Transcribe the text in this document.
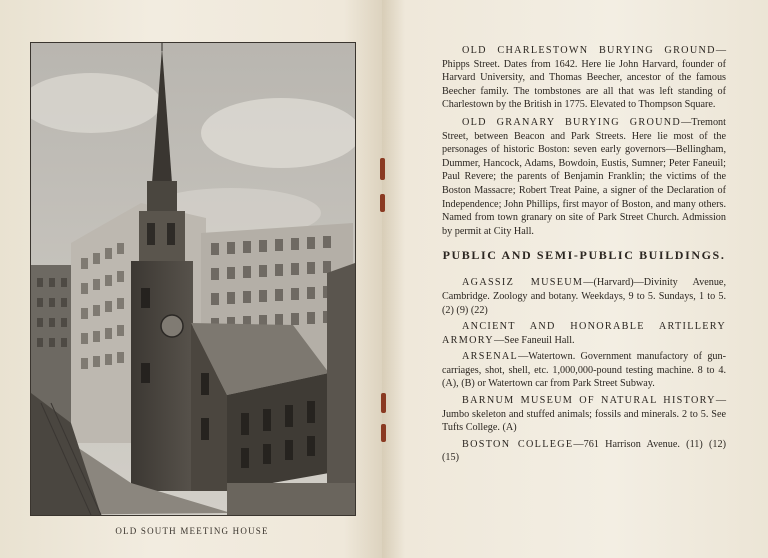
OLD SOUTH MEETING HOUSE

OLD CHARLESTOWN BURYING GROUND—Phipps Street. Dates from 1642. Here lie John Harvard, founder of Harvard University, and Thomas Beecher, ancestor of the famous Beecher family. The tombstones are all that was left standing of Charlestown by the British in 1775. Elevated to Thompson Square.

OLD GRANARY BURYING GROUND—Tremont Street, between Beacon and Park Streets. Here lie most of the personages of historic Boston: seven early governors—Bellingham, Dummer, Hancock, Adams, Bowdoin, Eustis, Sumner; Peter Faneuil; Paul Revere; the parents of Benjamin Franklin; the victims of the Boston Massacre; Robert Treat Paine, a signer of the Declaration of Independence; John Phillips, first mayor of Boston, and many others. Named from town granary on site of Park Street Church. Admission by permit at City Hall.

PUBLIC AND SEMI-PUBLIC BUILDINGS.

AGASSIZ MUSEUM—(Harvard)—Divinity Avenue, Cambridge. Zoology and botany. Weekdays, 9 to 5. Sundays, 1 to 5. (2) (9) (22)

ANCIENT AND HONORABLE ARTILLERY ARMORY—See Faneuil Hall.

ARSENAL—Watertown. Government manufactory of gun-carriages, shot, shell, etc. 1,000,000-pound testing machine. 8 to 4. (A), (B) or Watertown car from Park Street Subway.

BARNUM MUSEUM OF NATURAL HISTORY—Jumbo skeleton and stuffed animals; fossils and minerals. 2 to 5. See Tufts College. (A)

BOSTON COLLEGE—761 Harrison Avenue. (11) (12) (15)
